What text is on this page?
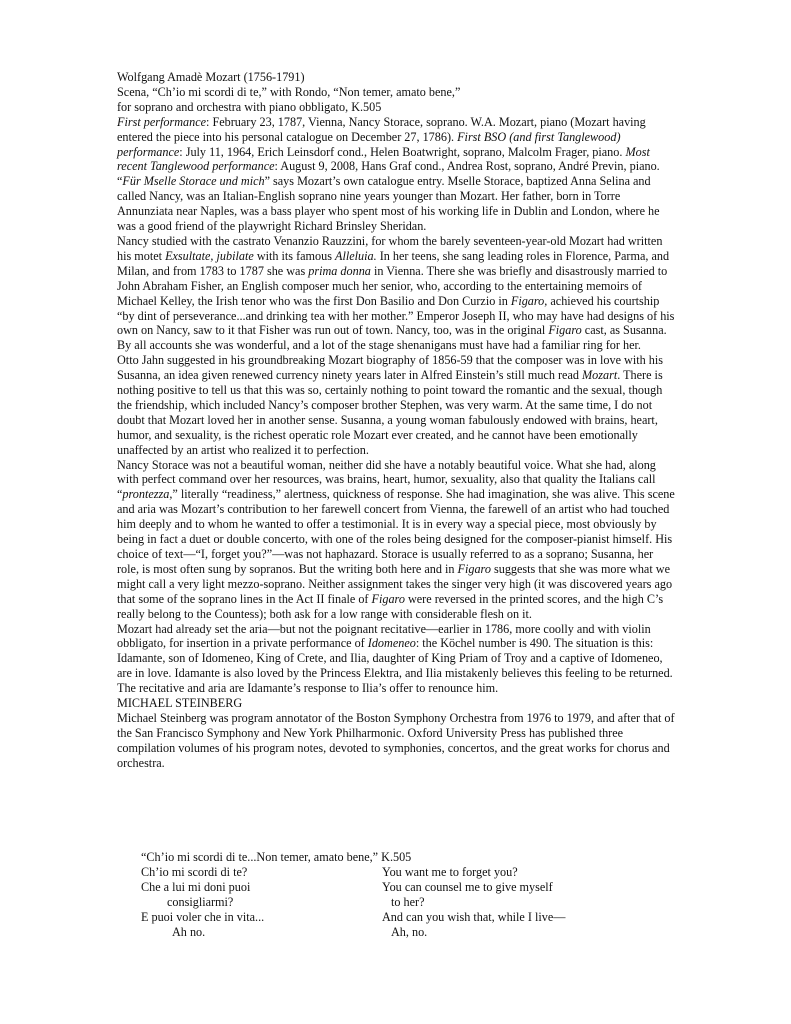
Wolfgang Amadè Mozart (1756-1791)

Scena, “Ch’io mi scordi di te,” with Rondo, “Non temer, amato bene,”

for soprano and orchestra with piano obbligato, K.505

First performance: February 23, 1787, Vienna, Nancy Storace, soprano. W.A. Mozart, piano (Mozart having entered the piece into his personal catalogue on December 27, 1786). First BSO (and first Tanglewood) performance: July 11, 1964, Erich Leinsdorf cond., Helen Boatwright, soprano, Malcolm Frager, piano. Most recent Tanglewood performance: August 9, 2008, Hans Graf cond., Andrea Rost, soprano, André Previn, piano.

“Für Mselle Storace und mich” says Mozart’s own catalogue entry. Mselle Storace, baptized Anna Selina and called Nancy, was an Italian-English soprano nine years younger than Mozart. Her father, born in Torre Annunziata near Naples, was a bass player who spent most of his working life in Dublin and London, where he was a good friend of the playwright Richard Brinsley Sheridan.

Nancy studied with the castrato Venanzio Rauzzini, for whom the barely seventeen-year-old Mozart had written his motet Exsultate, jubilate with its famous Alleluia. In her teens, she sang leading roles in Florence, Parma, and Milan, and from 1783 to 1787 she was prima donna in Vienna. There she was briefly and disastrously married to John Abraham Fisher, an English composer much her senior, who, according to the entertaining memoirs of Michael Kelley, the Irish tenor who was the first Don Basilio and Don Curzio in Figaro, achieved his courtship “by dint of perseverance...and drinking tea with her mother.” Emperor Joseph II, who may have had designs of his own on Nancy, saw to it that Fisher was run out of town. Nancy, too, was in the original Figaro cast, as Susanna. By all accounts she was wonderful, and a lot of the stage shenanigans must have had a familiar ring for her.

Otto Jahn suggested in his groundbreaking Mozart biography of 1856-59 that the composer was in love with his Susanna, an idea given renewed currency ninety years later in Alfred Einstein’s still much read Mozart. There is nothing positive to tell us that this was so, certainly nothing to point toward the romantic and the sexual, though the friendship, which included Nancy’s composer brother Stephen, was very warm. At the same time, I do not doubt that Mozart loved her in another sense. Susanna, a young woman fabulously endowed with brains, heart, humor, and sexuality, is the richest operatic role Mozart ever created, and he cannot have been emotionally unaffected by an artist who realized it to perfection.

Nancy Storace was not a beautiful woman, neither did she have a notably beautiful voice. What she had, along with perfect command over her resources, was brains, heart, humor, sexuality, also that quality the Italians call “prontezza,” literally “readiness,” alertness, quickness of response. She had imagination, she was alive. This scene and aria was Mozart’s contribution to her farewell concert from Vienna, the farewell of an artist who had touched him deeply and to whom he wanted to offer a testimonial. It is in every way a special piece, most obviously by being in fact a duet or double concerto, with one of the roles being designed for the composer-pianist himself. His choice of text—“I, forget you?”—was not haphazard. Storace is usually referred to as a soprano; Susanna, her role, is most often sung by sopranos. But the writing both here and in Figaro suggests that she was more what we might call a very light mezzo-soprano. Neither assignment takes the singer very high (it was discovered years ago that some of the soprano lines in the Act II finale of Figaro were reversed in the printed scores, and the high C’s really belong to the Countess); both ask for a low range with considerable flesh on it.

Mozart had already set the aria—but not the poignant recitative—earlier in 1786, more coolly and with violin obbligato, for insertion in a private performance of Idomeneo: the Köchel number is 490. The situation is this: Idamante, son of Idomeneo, King of Crete, and Ilia, daughter of King Priam of Troy and a captive of Idomeneo, are in love. Idamante is also loved by the Princess Elektra, and Ilia mistakenly believes this feeling to be returned. The recitative and aria are Idamante’s response to Ilia’s offer to renounce him.

MICHAEL STEINBERG

Michael Steinberg was program annotator of the Boston Symphony Orchestra from 1976 to 1979, and after that of the San Francisco Symphony and New York Philharmonic. Oxford University Press has published three compilation volumes of his program notes, devoted to symphonies, concertos, and the great works for chorus and orchestra.

“Ch’io mi scordi di te...Non temer, amato bene,” K.505
Ch’io mi scordi di te?	You want me to forget you?
Che a lui mi doni puoi	You can counsel me to give myself
consigliarmi?	to her?
E puoi voler che in vita...	And can you wish that, while I live—
Ah no.	Ah, no.
